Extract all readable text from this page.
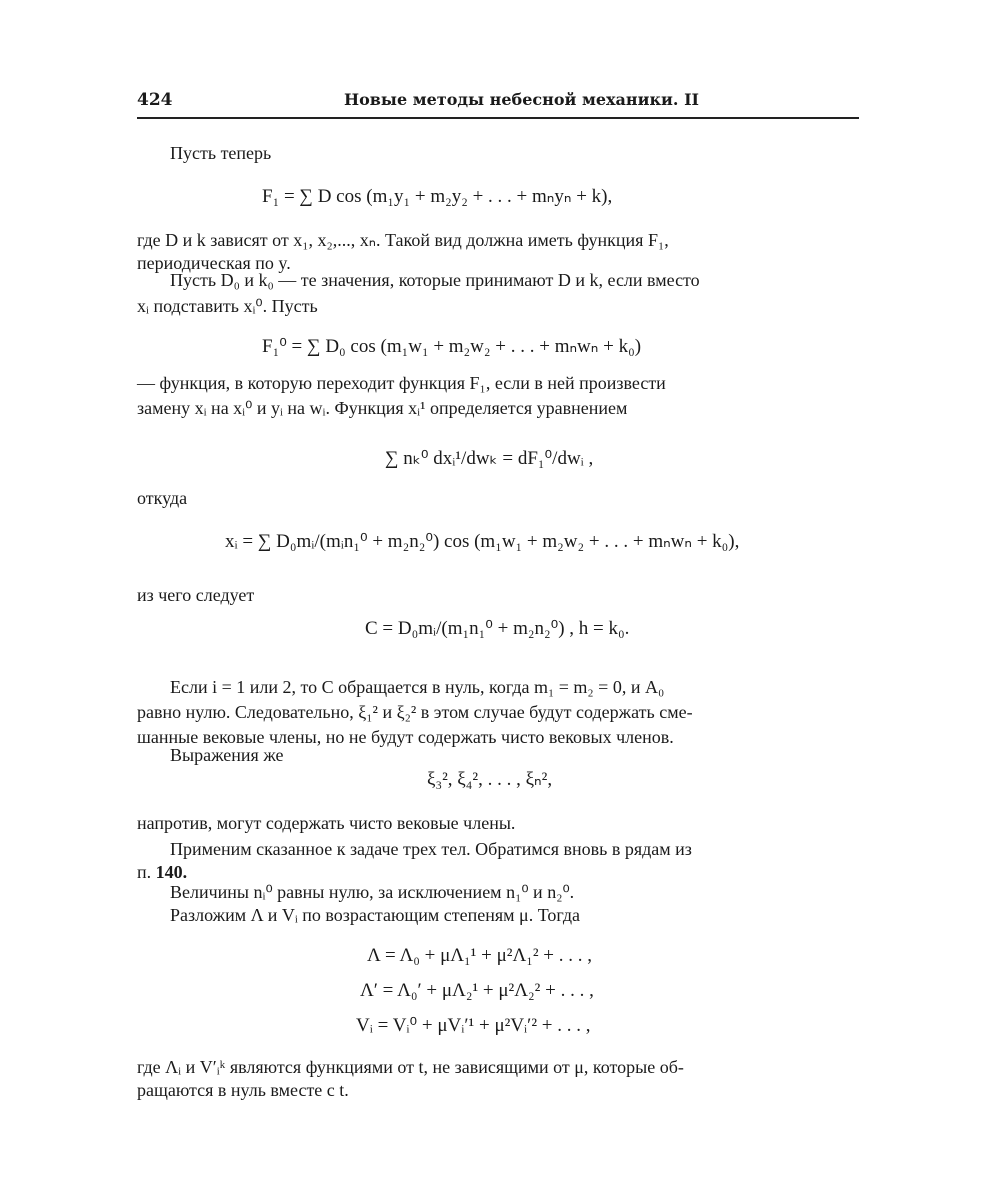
424	Новые методы небесной механики. II
Пусть теперь
F₁ = ∑ D cos (m₁y₁ + m₂y₂ + . . . + mₙyₙ + k),
где D и k зависят от x₁, x₂,..., xₙ. Такой вид должна иметь функция F₁,
периодическая по y.
Пусть D₀ и k₀ — те значения, которые принимают D и k, если вместо
xᵢ подставить xᵢ⁰. Пусть
F₁⁰ = ∑ D₀ cos (m₁w₁ + m₂w₂ + . . . + mₙwₙ + k₀)
— функция, в которую переходит функция F₁, если в ней произвести
замену xᵢ на xᵢ⁰ и yᵢ на wᵢ. Функция xᵢ¹ определяется уравнением
∑ nₖ⁰ dxᵢ¹/dwₖ = dF₁⁰/dwᵢ ,
откуда
xᵢ = ∑ D₀mᵢ/(mᵢn₁⁰ + m₂n₂⁰) cos (m₁w₁ + m₂w₂ + . . . + mₙwₙ + k₀),
из чего следует
C = D₀mᵢ/(m₁n₁⁰ + m₂n₂⁰) , h = k₀.
Если i = 1 или 2, то C обращается в нуль, когда m₁ = m₂ = 0, и A₀
равно нулю. Следовательно, ξ₁² и ξ₂² в этом случае будут содержать сме-
шанные вековые члены, но не будут содержать чисто вековых членов.
Выражения же
ξ₃², ξ₄², . . . , ξₙ²,
напротив, могут содержать чисто вековые члены.
Применим сказанное к задаче трех тел. Обратимся вновь в рядам из
п. 140.
Величины nᵢ⁰ равны нулю, за исключением n₁⁰ и n₂⁰.
Разложим Λ и Vᵢ по возрастающим степеням μ. Тогда
Λ = Λ₀ + μΛ₁¹ + μ²Λ₁² + . . . ,
Λ′ = Λ₀′ + μΛ₂¹ + μ²Λ₂² + . . . ,
Vᵢ = Vᵢ⁰ + μVᵢ′¹ + μ²Vᵢ′² + . . . ,
где Λᵢ и V′ᵢᵏ являются функциями от t, не зависящими от μ, которые об-
ращаются в нуль вместе с t.
